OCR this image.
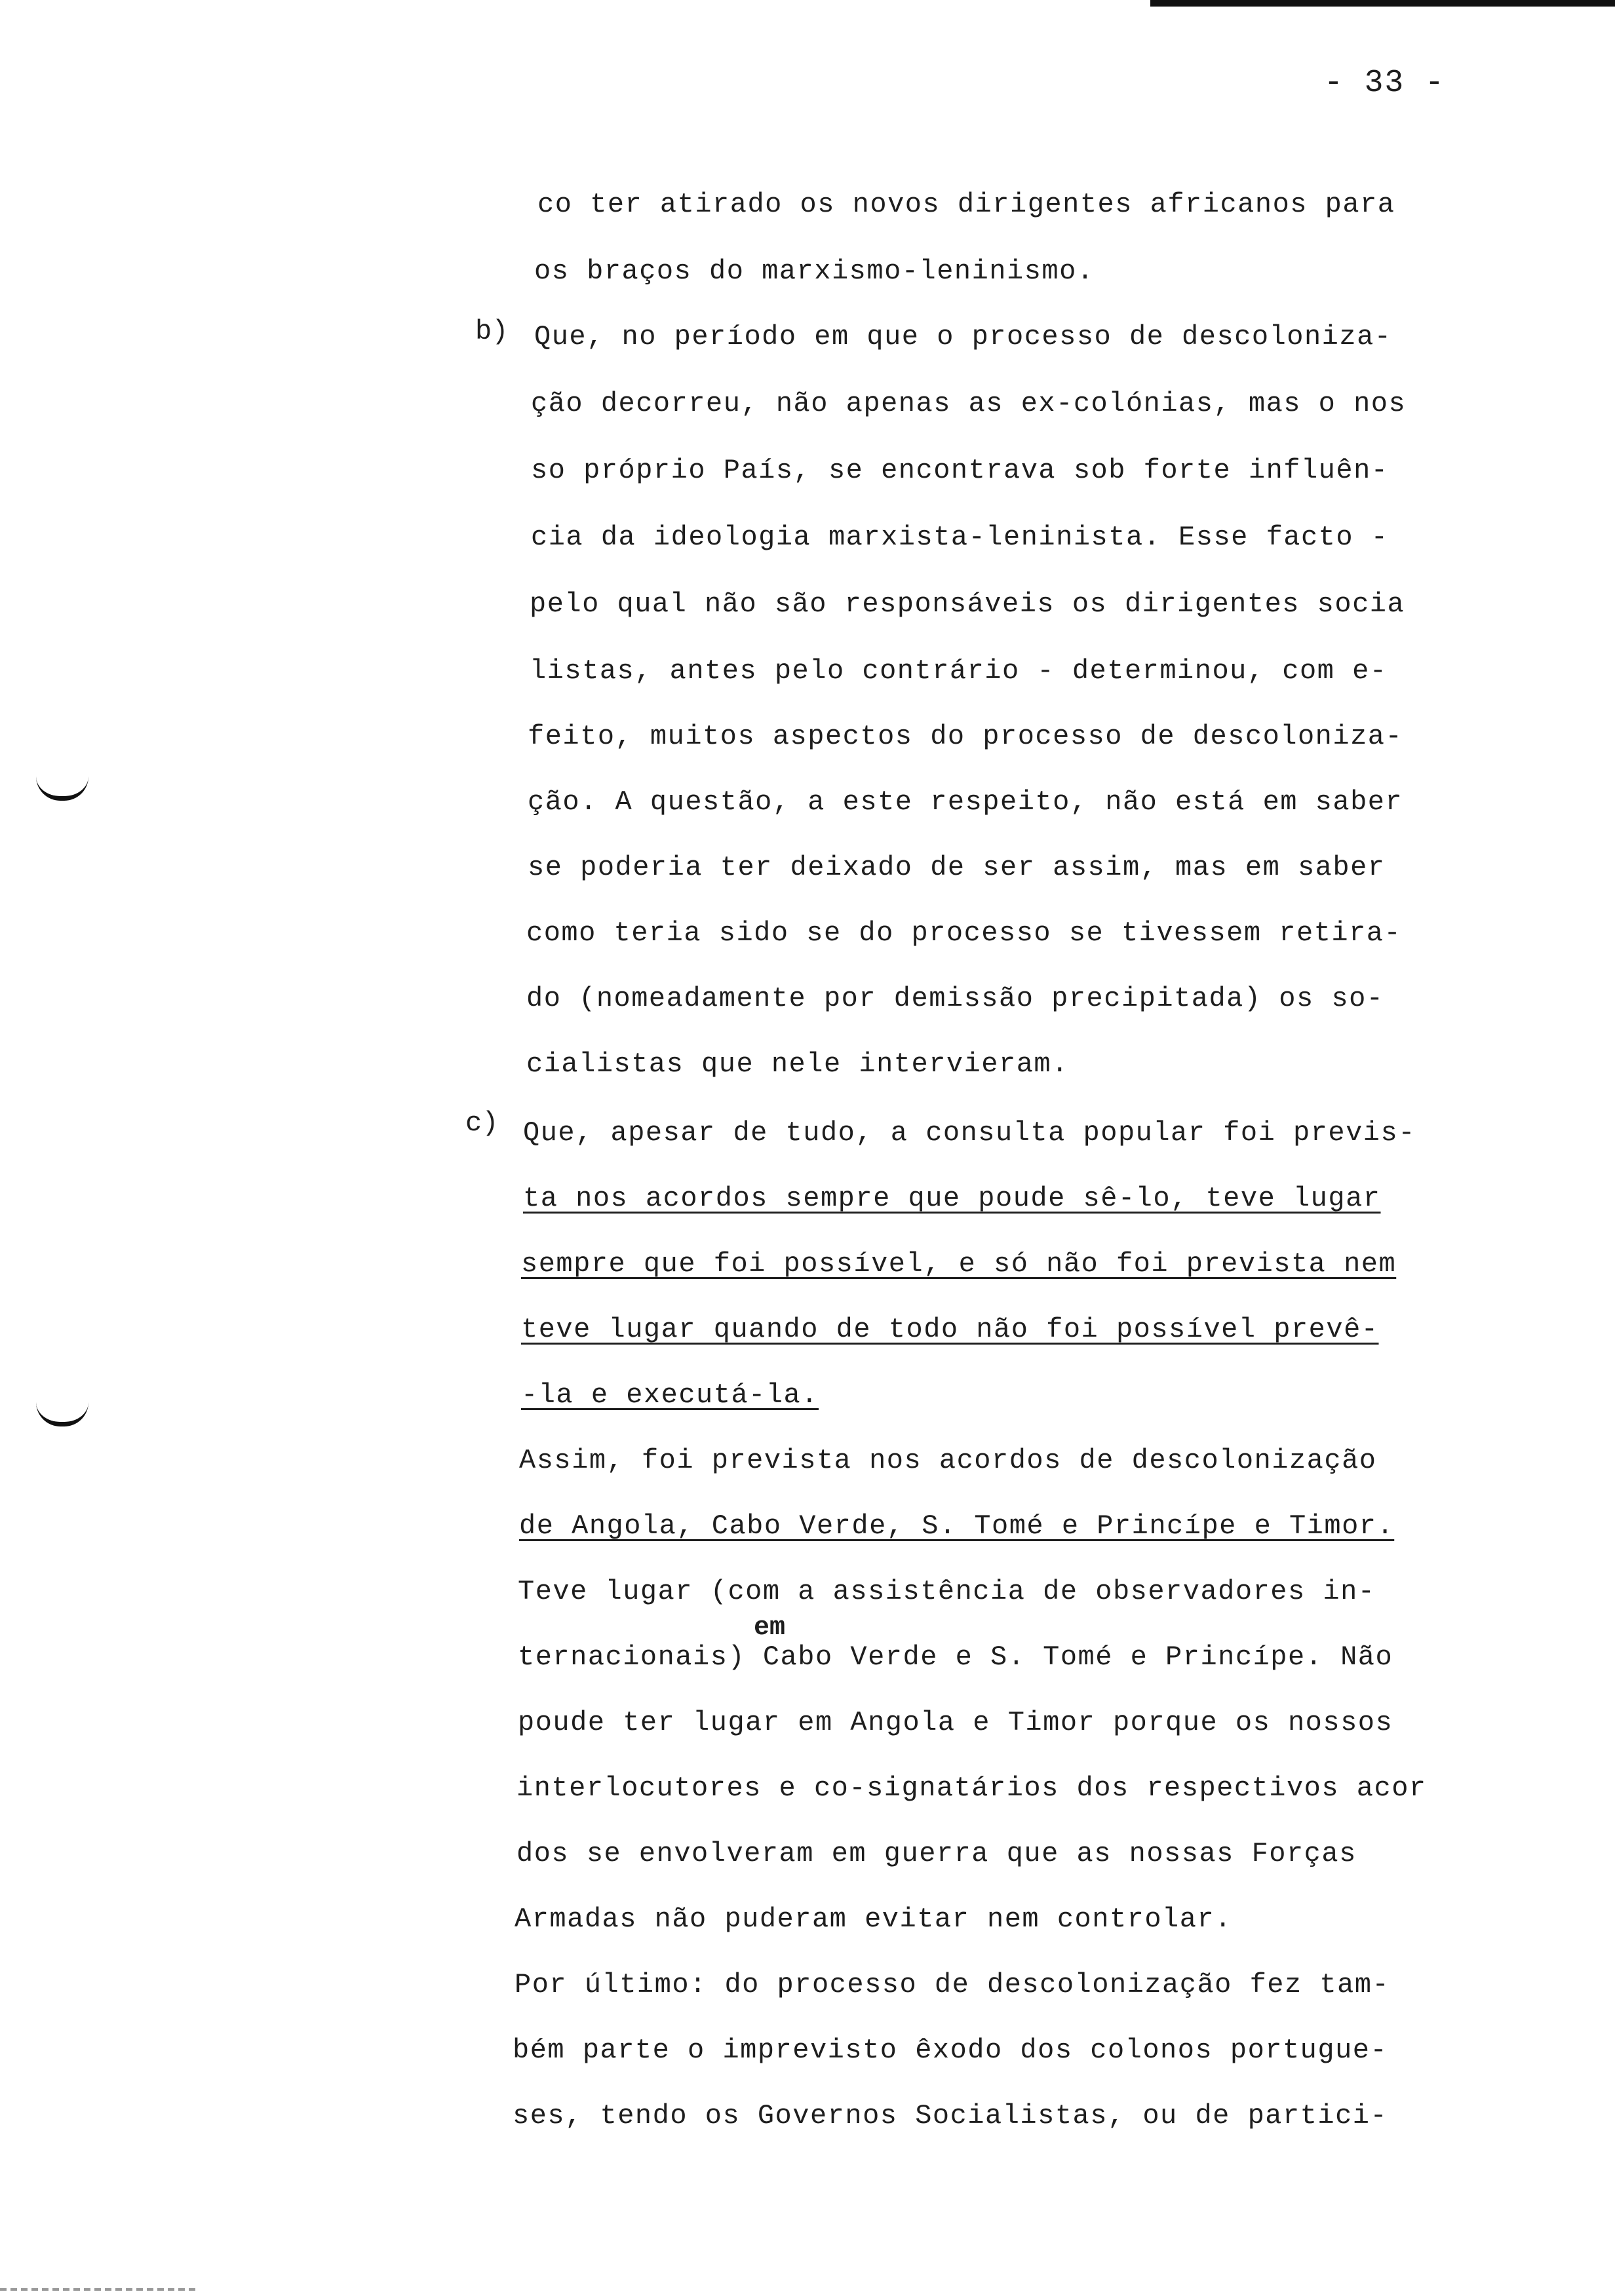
- 33 -
b)
c)
co ter atirado os novos dirigentes africanos para
os braços do marxismo-leninismo.
Que, no período em que o processo de descoloniza-
ção decorreu, não apenas as ex-colónias, mas o nos
so próprio País, se encontrava sob forte influên-
cia da ideologia marxista-leninista. Esse facto -
pelo qual não são responsáveis os dirigentes socia
listas, antes pelo contrário - determinou, com e-
feito, muitos aspectos do processo de descoloniza-
ção. A questão, a este respeito, não está em saber
se poderia ter deixado de ser assim, mas em saber
como teria sido se do processo se tivessem retira-
do (nomeadamente por demissão precipitada) os so-
cialistas que nele intervieram.
Que, apesar de tudo, a consulta popular foi previs-
ta nos acordos sempre que poude sê-lo, teve lugar
sempre que foi possível, e só não foi prevista nem
teve lugar quando de todo não foi possível prevê-
-la e executá-la.
Assim, foi prevista nos acordos de descolonização
de Angola, Cabo Verde, S. Tomé e Princípe e Timor.
Teve lugar (com a assistência de observadores in-
ternacionais) Cabo Verde e S. Tomé e Princípe. Não
poude ter lugar em Angola e Timor porque os nossos
interlocutores e co-signatários dos respectivos acor
dos se envolveram em guerra que as nossas Forças
Armadas não puderam evitar nem controlar.
Por último: do processo de descolonização fez tam-
bém parte o imprevisto êxodo dos colonos portugue-
ses, tendo os Governos Socialistas, ou de partici-
em
